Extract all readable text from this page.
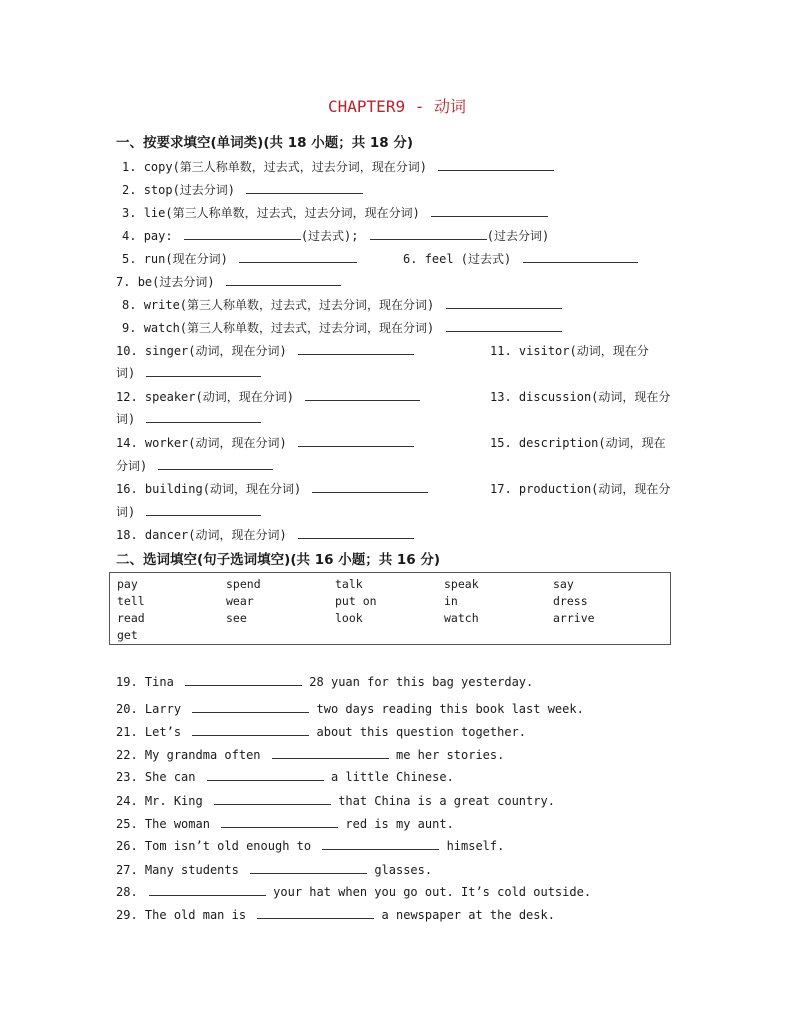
CHAPTER9 - 动词
一、按要求填空(单词类)(共 18 小题；共 18 分)
1. copy(第三人称单数，过去式，过去分词，现在分词)
2. stop(过去分词)
3. lie(第三人称单数，过去式，过去分词，现在分词)
4. pay:	(过去式);	(过去分词)
5. run(现在分词)	6. feel (过去式)
7. be(过去分词)
8. write(第三人称单数，过去式，过去分词，现在分词)
9. watch(第三人称单数，过去式，过去分词，现在分词)
10. singer(动词，现在分词)	11. visitor(动词，现在分
词)
12. speaker(动词，现在分词)	13. discussion(动词，现在分
词)
14. worker(动词，现在分词)	15. description(动词，现在
分词)
16. building(动词，现在分词)	17. production(动词，现在分
词)
18. dancer(动词，现在分词)
二、选词填空(句子选词填空)(共 16 小题；共 16 分)
pay	spend	talk	speak	say
tell	wear	put on	in	dress
read	see	look	watch	arrive
get
19. Tina	28 yuan for this bag yesterday.
20. Larry	two days reading this book last week.
21. Let’s	about this question together.
22. My grandma often	me her stories.
23. She can	a little Chinese.
24. Mr. King	that China is a great country.
25. The woman	red is my aunt.
26. Tom isn’t old enough to	himself.
27. Many students	glasses.
28.	your hat when you go out. It’s cold outside.
29. The old man is	a newspaper at the desk.
